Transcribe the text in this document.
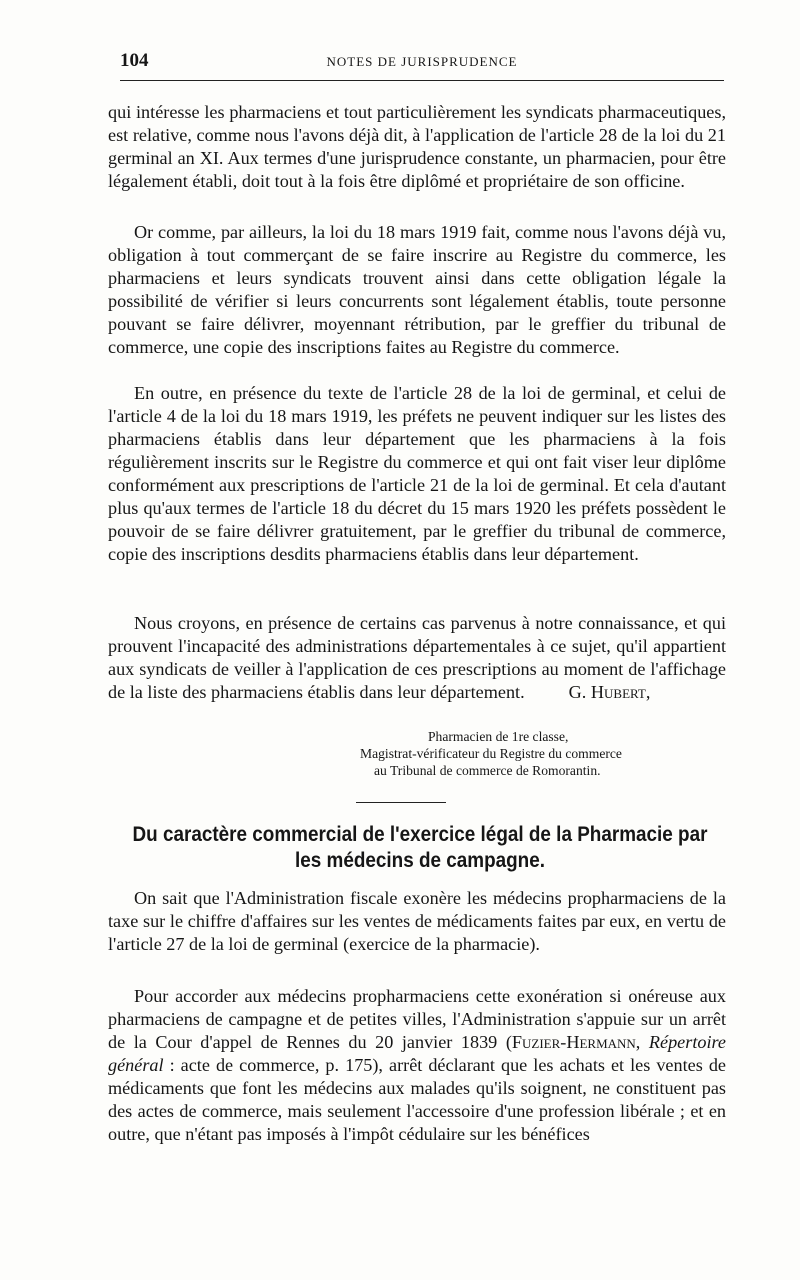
104	NOTES DE JURISPRUDENCE

qui intéresse les pharmaciens et tout particulièrement les syndicats pharmaceutiques, est relative, comme nous l'avons déjà dit, à l'application de l'article 28 de la loi du 21 germinal an XI. Aux termes d'une jurisprudence constante, un pharmacien, pour être légalement établi, doit tout à la fois être diplômé et propriétaire de son officine.

Or comme, par ailleurs, la loi du 18 mars 1919 fait, comme nous l'avons déjà vu, obligation à tout commerçant de se faire inscrire au Registre du commerce, les pharmaciens et leurs syndicats trouvent ainsi dans cette obligation légale la possibilité de vérifier si leurs concurrents sont légalement établis, toute personne pouvant se faire délivrer, moyennant rétribution, par le greffier du tribunal de commerce, une copie des inscriptions faites au Registre du commerce.

En outre, en présence du texte de l'article 28 de la loi de germinal, et celui de l'article 4 de la loi du 18 mars 1919, les préfets ne peuvent indiquer sur les listes des pharmaciens établis dans leur département que les pharmaciens à la fois régulièrement inscrits sur le Registre du commerce et qui ont fait viser leur diplôme conformément aux prescriptions de l'article 21 de la loi de germinal. Et cela d'autant plus qu'aux termes de l'article 18 du décret du 15 mars 1920 les préfets possèdent le pouvoir de se faire délivrer gratuitement, par le greffier du tribunal de commerce, copie des inscriptions desdits pharmaciens établis dans leur département.

Nous croyons, en présence de certains cas parvenus à notre connaissance, et qui prouvent l'incapacité des administrations départementales à ce sujet, qu'il appartient aux syndicats de veiller à l'application de ces prescriptions au moment de l'affichage de la liste des pharmaciens établis dans leur département. G. Hubert,

Pharmacien de 1re classe,

Magistrat-vérificateur du Registre du commerce

au Tribunal de commerce de Romorantin.

Du caractère commercial de l'exercice légal de la Pharmacie par les médecins de campagne.

On sait que l'Administration fiscale exonère les médecins propharmaciens de la taxe sur le chiffre d'affaires sur les ventes de médicaments faites par eux, en vertu de l'article 27 de la loi de germinal (exercice de la pharmacie).

Pour accorder aux médecins propharmaciens cette exonération si onéreuse aux pharmaciens de campagne et de petites villes, l'Administration s'appuie sur un arrêt de la Cour d'appel de Rennes du 20 janvier 1839 (Fuzier-Hermann, Répertoire général : acte de commerce, p. 175), arrêt déclarant que les achats et les ventes de médicaments que font les médecins aux malades qu'ils soignent, ne constituent pas des actes de commerce, mais seulement l'accessoire d'une profession libérale ; et en outre, que n'étant pas imposés à l'impôt cédulaire sur les bénéfices
